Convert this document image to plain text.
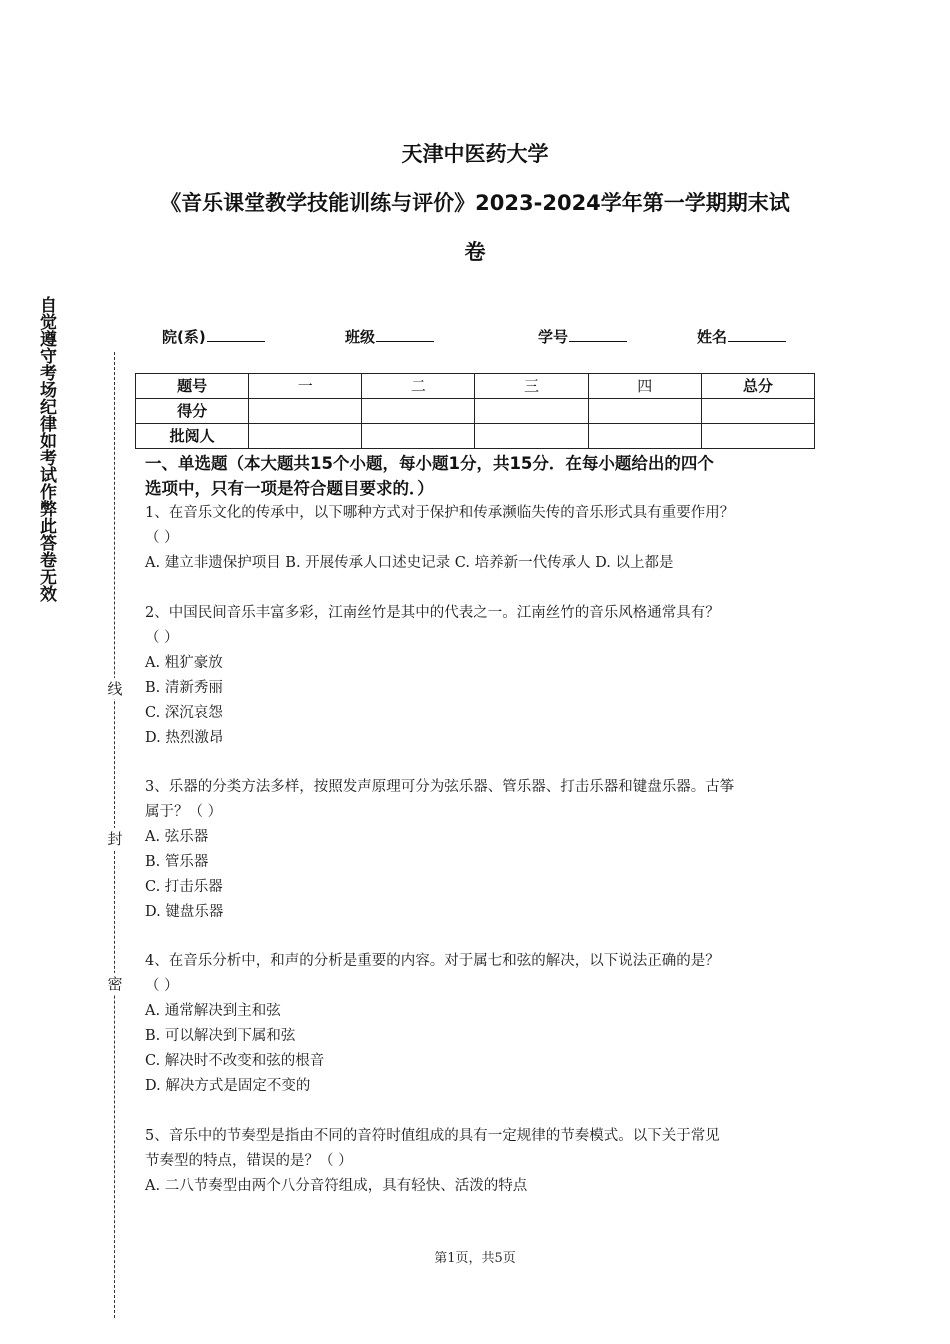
天津中医药大学
《音乐课堂教学技能训练与评价》2023-2024学年第一学期期末试
卷
自觉遵守考场纪律如考试作弊此答卷无效
线
封
密
院(系)	班级	学号	姓名
题号	一	二	三	四	总分
得分					
批阅人					
一、单选题（本大题共15个小题，每小题1分，共15分．在每小题给出的四个
选项中，只有一项是符合题目要求的．）
1、在音乐文化的传承中，以下哪种方式对于保护和传承濒临失传的音乐形式具有重要作用？
（ ）
A. 建立非遗保护项目 B. 开展传承人口述史记录 C. 培养新一代传承人 D. 以上都是
2、中国民间音乐丰富多彩，江南丝竹是其中的代表之一。江南丝竹的音乐风格通常具有？
（ ）
A. 粗犷豪放
B. 清新秀丽
C. 深沉哀怨
D. 热烈激昂
3、乐器的分类方法多样，按照发声原理可分为弦乐器、管乐器、打击乐器和键盘乐器。古筝
属于？（ ）
A. 弦乐器
B. 管乐器
C. 打击乐器
D. 键盘乐器
4、在音乐分析中，和声的分析是重要的内容。对于属七和弦的解决，以下说法正确的是？
（ ）
A. 通常解决到主和弦
B. 可以解决到下属和弦
C. 解决时不改变和弦的根音
D. 解决方式是固定不变的
5、音乐中的节奏型是指由不同的音符时值组成的具有一定规律的节奏模式。以下关于常见
节奏型的特点，错误的是？（ ）
A. 二八节奏型由两个八分音符组成，具有轻快、活泼的特点
第1页，共5页
